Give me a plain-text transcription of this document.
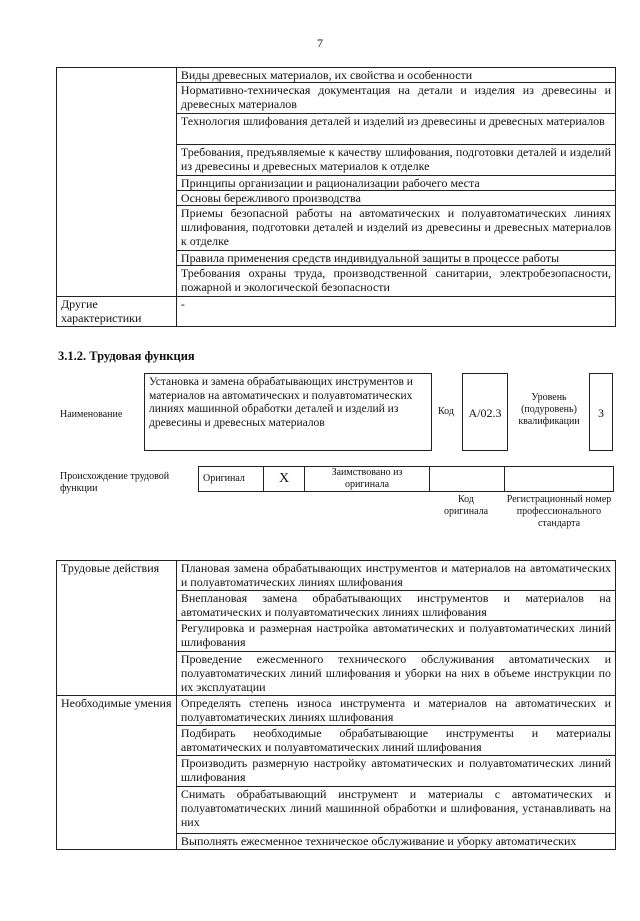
7
	Виды древесных материалов, их свойства и особенности
	Нормативно-техническая документация на детали и изделия из древесины и древесных материалов
	Технология шлифования деталей и изделий из древесины и древесных материалов
	Требования, предъявляемые к качеству шлифования, подготовки деталей и изделий из древесины и древесных материалов к отделке
	Принципы организации и рационализации рабочего места
	Основы бережливого производства
	Приемы безопасной работы на автоматических и полуавтоматических линиях шлифования, подготовки деталей и изделий из древесины и древесных материалов к отделке
	Правила применения средств индивидуальной защиты в процессе работы
	Требования охраны труда, производственной санитарии, электробезопасности, пожарной и экологической безопасности
Другие характеристики	-
3.1.2. Трудовая функция
Наименование
Установка и замена обрабатывающих инструментов и материалов на автоматических и полуавтоматических линиях машинной обработки деталей и изделий из древесины и древесных материалов
Код	A/02.3
Уровень (подуровень) квалификации
3
Происхождение трудовой функции
Оригинал	X	Заимствовано из оригинала		
Код оригинала
Регистрационный номер профессионального стандарта
Трудовые действия	Плановая замена обрабатывающих инструментов и материалов на автоматических и полуавтоматических линиях шлифования
	Внеплановая замена обрабатывающих инструментов и материалов на автоматических и полуавтоматических линиях шлифования
	Регулировка и размерная настройка автоматических и полуавтоматических линий шлифования
	Проведение ежесменного технического обслуживания автоматических и полуавтоматических линий шлифования и уборки на них в объеме инструкции по их эксплуатации
Необходимые умения	Определять степень износа инструмента и материалов на автоматических и полуавтоматических линиях шлифования
	Подбирать необходимые обрабатывающие инструменты и материалы автоматических и полуавтоматических линий шлифования
	Производить размерную настройку автоматических и полуавтоматических линий шлифования
	Снимать обрабатывающий инструмент и материалы с автоматических и полуавтоматических линий машинной обработки и шлифования, устанавливать на них
	Выполнять ежесменное техническое обслуживание и уборку автоматических
